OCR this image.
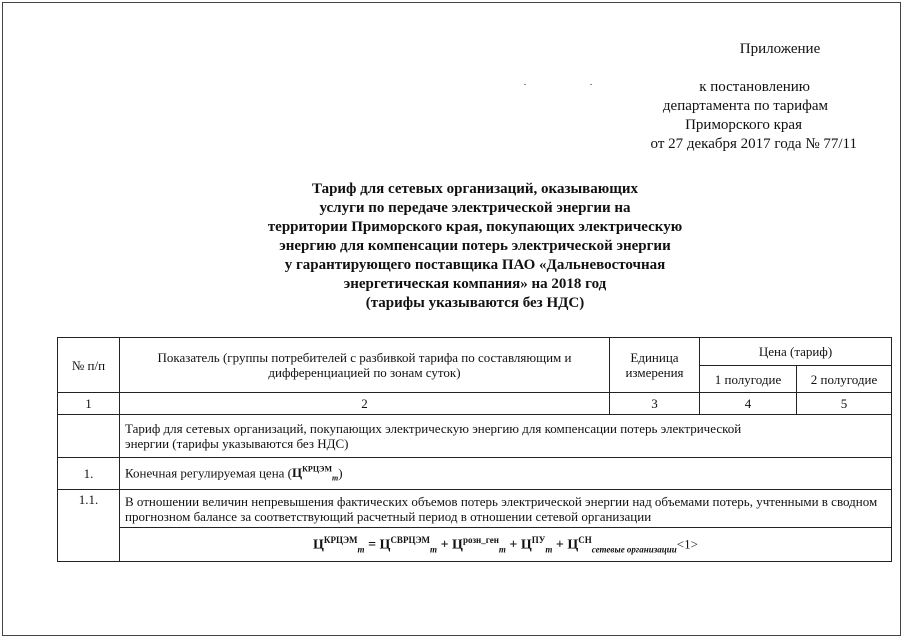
Приложение
к постановлению
департамента по тарифам
Приморского края
от 27 декабря 2017 года № 77/11
Тариф для сетевых организаций, оказывающих
услуги по передаче электрической энергии на
территории Приморского края, покупающих электрическую
энергию для компенсации потерь электрической энергии
у гарантирующего поставщика ПАО «Дальневосточная
энергетическая компания» на 2018 год
(тарифы указываются без НДС)
№ п/п	Показатель (группы потребителей с разбивкой тарифа по составляющим и дифференциацией по зонам суток)	Единица измерения	Цена (тариф)	
			1 полугодие	2 полугодие
1	2	3	4	5

	Тариф для сетевых организаций, покупающих электрическую энергию для компенсации потерь электрической энергии (тарифы указываются без НДС)			

1.	Конечная регулируемая цена $(Ц^{КРЦЭМ}_m)$			
1.1.	В отношении величин непревышения фактических объемов потерь электрической энергии над объемами потерь, учтенными в сводном прогнозном балансе за соответствующий расчетный период в отношении сетевой организации			
	$Ц^{КРЦЭМ}_m = Ц^{СВРЦЭМ}_m + Ц^{розн\_ген}_m + Ц^{ПУ}_m + Ц^{СН}_{сетевые организации}<1>$			
